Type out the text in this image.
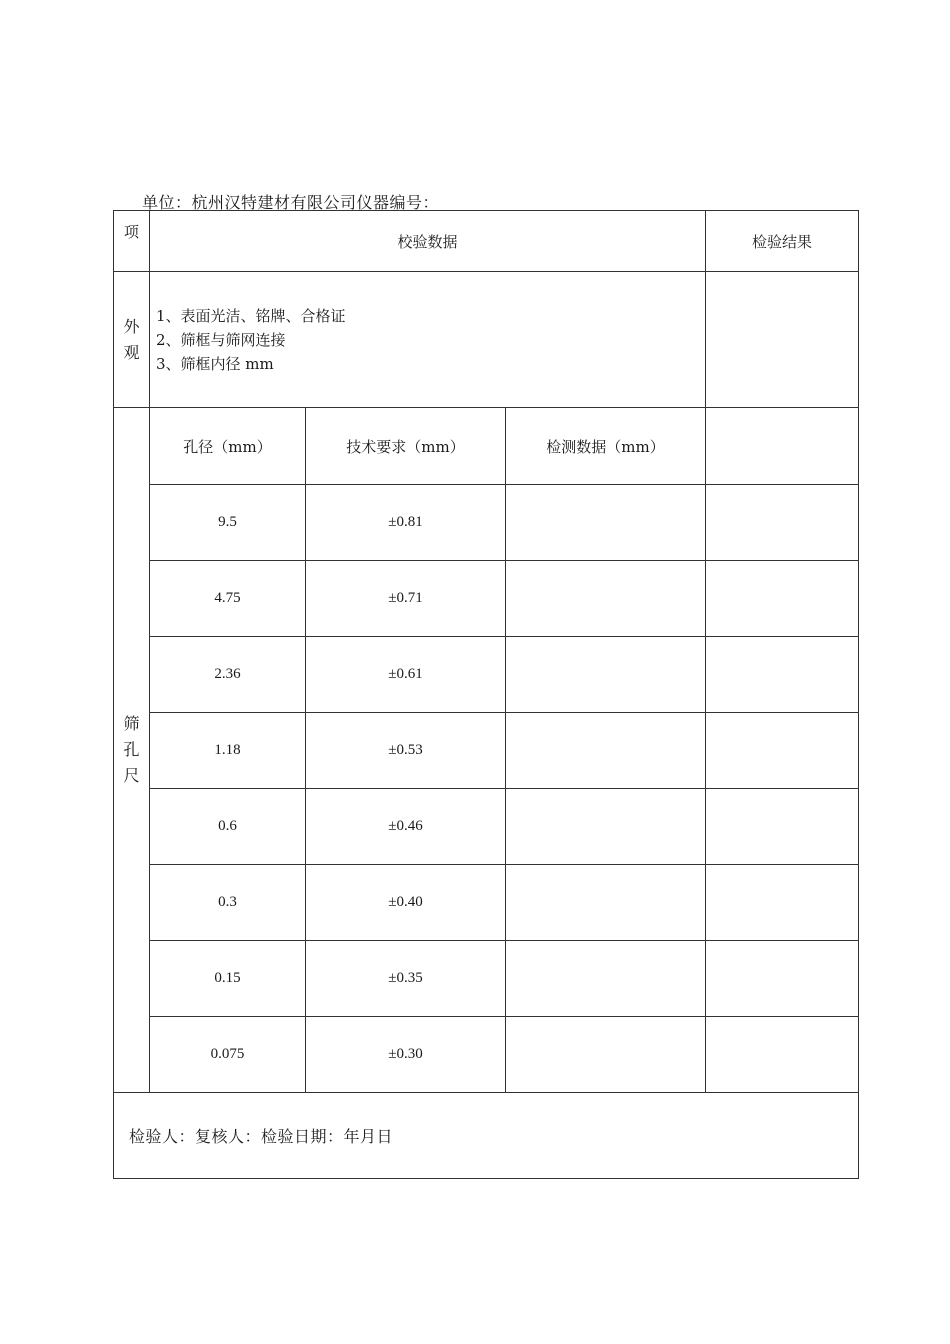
单位：杭州汉特建材有限公司仪器编号：
项	校验数据			检验结果
外观	1、表面光洁、铭牌、合格证
2、筛框与筛网连接
3、筛框内径 mm			

筛孔尺	孔径（mm）	技术要求（mm）	检测数据（mm）	
	9.5	±0.81		
	4.75	±0.71		
	2.36	±0.61		
	1.18	±0.53		
	0.6	±0.46		
	0.3	±0.40		
	0.15	±0.35		
	0.075	±0.30		
检验人：复核人：检验日期：年月日				
